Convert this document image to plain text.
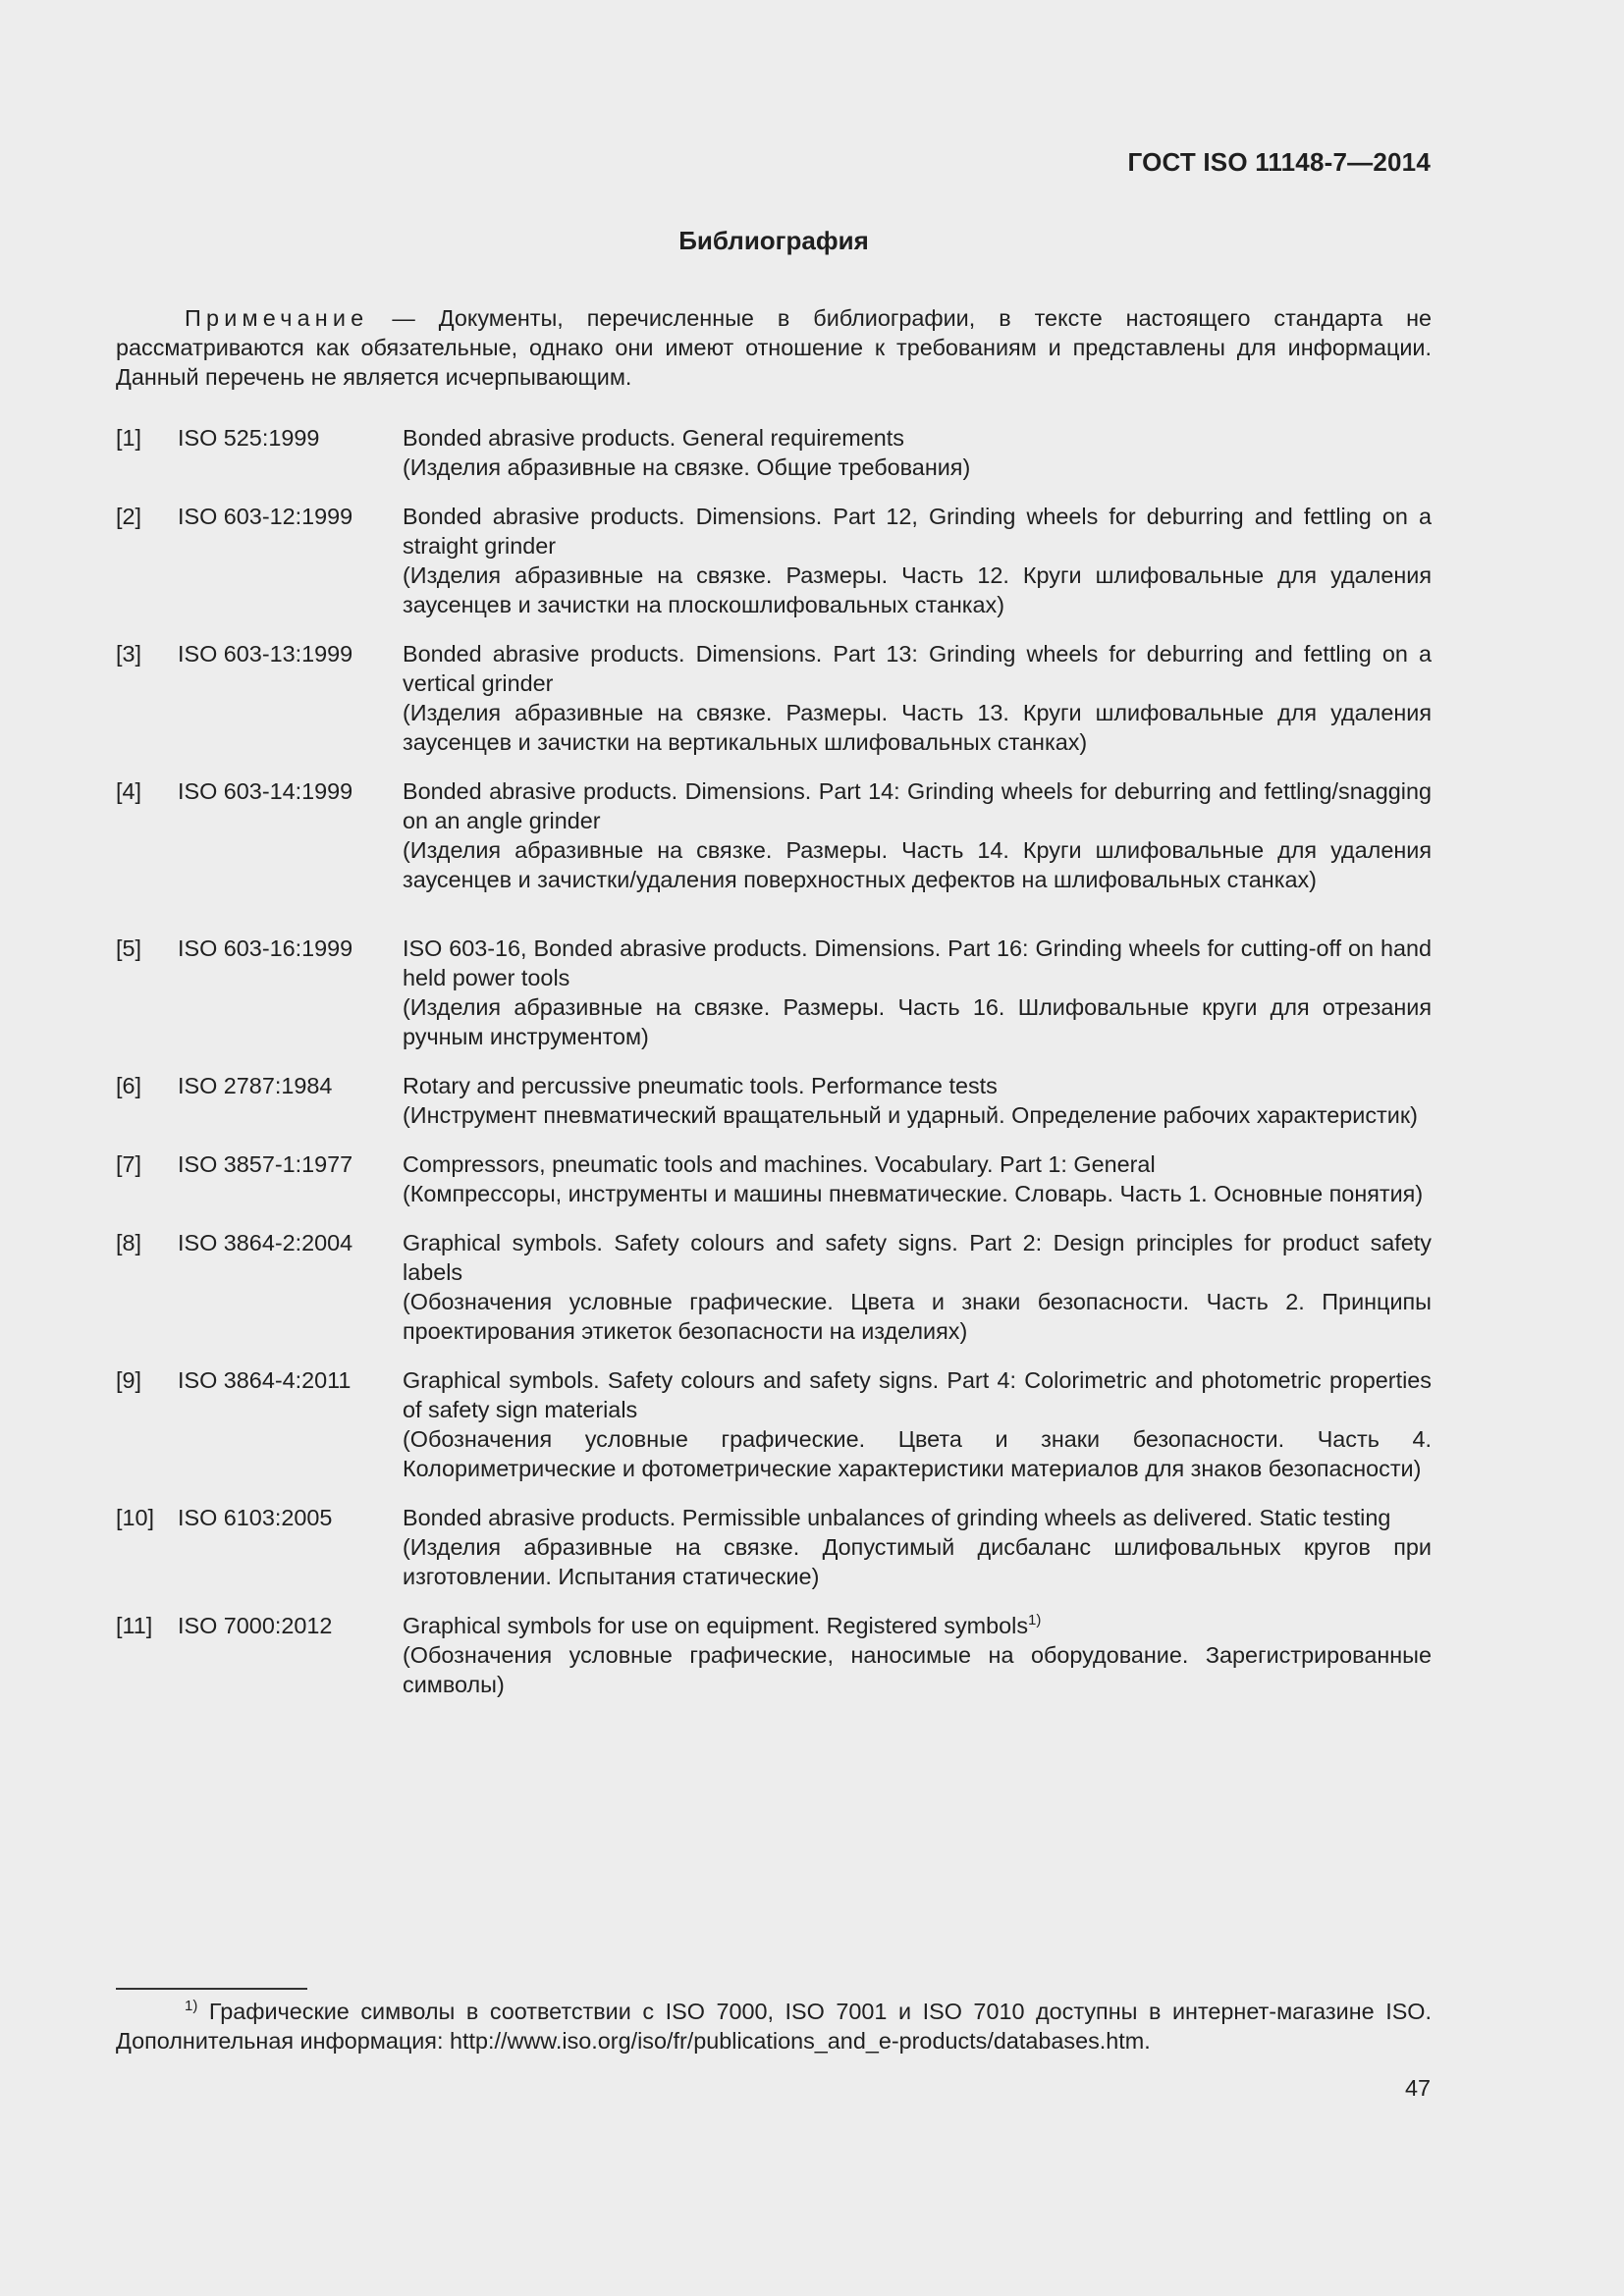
ГОСТ ISO 11148-7—2014
Библиография
Примечание — Документы, перечисленные в библиографии, в тексте настоящего стандарта не рассматриваются как обязательные, однако они имеют отношение к требованиям и представлены для информации. Данный перечень не является исчерпывающим.
[1]	ISO 525:1999	Bonded abrasive products. General requirements
(Изделия абразивные на связке. Общие требования)
[2]	ISO 603-12:1999	Bonded abrasive products. Dimensions. Part 12, Grinding wheels for deburring and fettling on a straight grinder
(Изделия абразивные на связке. Размеры. Часть 12. Круги шлифовальные для удаления заусенцев и зачистки на плоскошлифовальных станках)
[3]	ISO 603-13:1999	Bonded abrasive products. Dimensions. Part 13: Grinding wheels for deburring and fettling on a vertical grinder
(Изделия абразивные на связке. Размеры. Часть 13. Круги шлифовальные для удаления заусенцев и зачистки на вертикальных шлифовальных станках)
[4]	ISO 603-14:1999	Bonded abrasive products. Dimensions. Part 14: Grinding wheels for deburring and fettling/snagging on an angle grinder
(Изделия абразивные на связке. Размеры. Часть 14. Круги шлифовальные для удаления заусенцев и зачистки/удаления поверхностных дефектов на шлифовальных станках)
[5]	ISO 603-16:1999	ISO 603-16, Bonded abrasive products. Dimensions. Part 16: Grinding wheels for cutting-off on hand held power tools
(Изделия абразивные на связке. Размеры. Часть 16. Шлифовальные круги для отрезания ручным инструментом)
[6]	ISO 2787:1984	Rotary and percussive pneumatic tools. Performance tests
(Инструмент пневматический вращательный и ударный. Определение рабочих характеристик)
[7]	ISO 3857-1:1977	Compressors, pneumatic tools and machines. Vocabulary. Part 1: General
(Компрессоры, инструменты и машины пневматические. Словарь. Часть 1. Основные понятия)
[8]	ISO 3864-2:2004	Graphical symbols. Safety colours and safety signs. Part 2: Design principles for product safety labels
(Обозначения условные графические. Цвета и знаки безопасности. Часть 2. Принципы проектирования этикеток безопасности на изделиях)
[9]	ISO 3864-4:2011	Graphical symbols. Safety colours and safety signs. Part 4: Colorimetric and photometric properties of safety sign materials
(Обозначения условные графические. Цвета и знаки безопасности. Часть 4. Колориметрические и фотометрические характеристики материалов для знаков безопасности)
[10]	ISO 6103:2005	Bonded abrasive products. Permissible unbalances of grinding wheels as delivered. Static testing
(Изделия абразивные на связке. Допустимый дисбаланс шлифовальных кругов при изготовлении. Испытания статические)
[11]	ISO 7000:2012	Graphical symbols for use on equipment. Registered symbols$^{1)}$
(Обозначения условные графические, наносимые на оборудование. Зарегистрированные символы)
$^{1)}$ Графические символы в соответствии с ISO 7000, ISO 7001 и ISO 7010 доступны в интернет-магазине ISO. Дополнительная информация: http://www.iso.org/iso/fr/publications_and_e-products/databases.htm.
47
